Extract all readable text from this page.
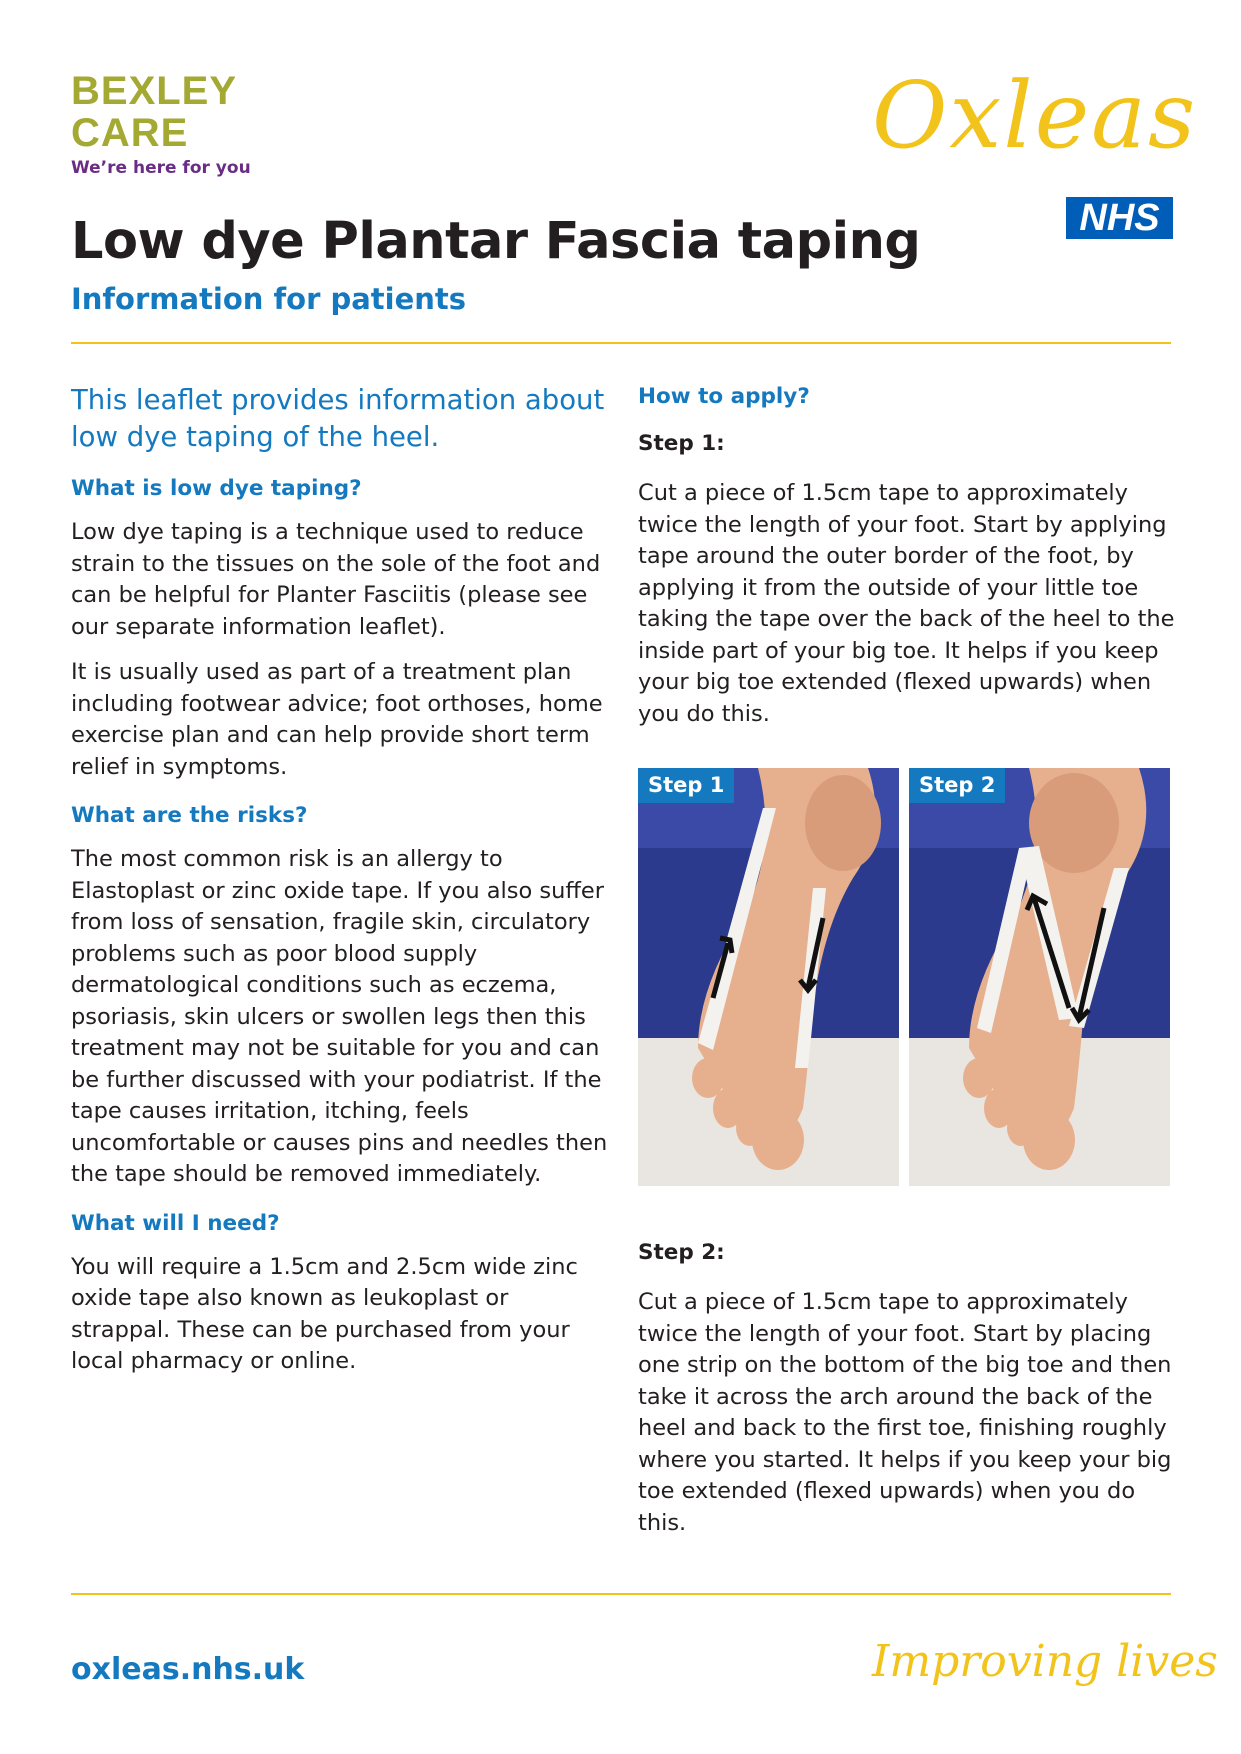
BEXLEY
CARE
We’re here for you	Oxleas
NHS
Low dye Plantar Fascia taping
Information for patients

This leaflet provides information about low dye taping of the heel.

What is low dye taping?

Low dye taping is a technique used to reduce strain to the tissues on the sole of the foot and can be helpful for Planter Fasciitis (please see our separate information leaflet).

It is usually used as part of a treatment plan including footwear advice; foot orthoses, home exercise plan and can help provide short term relief in symptoms.

What are the risks?

The most common risk is an allergy to Elastoplast or zinc oxide tape. If you also suffer from loss of sensation, fragile skin, circulatory problems such as poor blood supply dermatological conditions such as eczema, psoriasis, skin ulcers or swollen legs then this treatment may not be suitable for you and can be further discussed with your podiatrist. If the tape causes irritation, itching, feels uncomfortable or causes pins and needles then the tape should be removed immediately.

What will I need?

You will require a 1.5cm and 2.5cm wide zinc oxide tape also known as leukoplast or strappal. These can be purchased from your local pharmacy or online.

How to apply?
Step 1:

Cut a piece of 1.5cm tape to approximately twice the length of your foot. Start by applying tape around the outer border of the foot, by applying it from the outside of your little toe taking the tape over the back of the heel to the inside part of your big toe. It helps if you keep your big toe extended (flexed upwards) when you do this.

Step 1	Step 2
Step 2:

Cut a piece of 1.5cm tape to approximately twice the length of your foot. Start by placing one strip on the bottom of the big toe and then take it across the arch around the back of the heel and back to the first toe, finishing roughly where you started. It helps if you keep your big toe extended (flexed upwards) when you do this.

oxleas.nhs.uk	Improving lives
